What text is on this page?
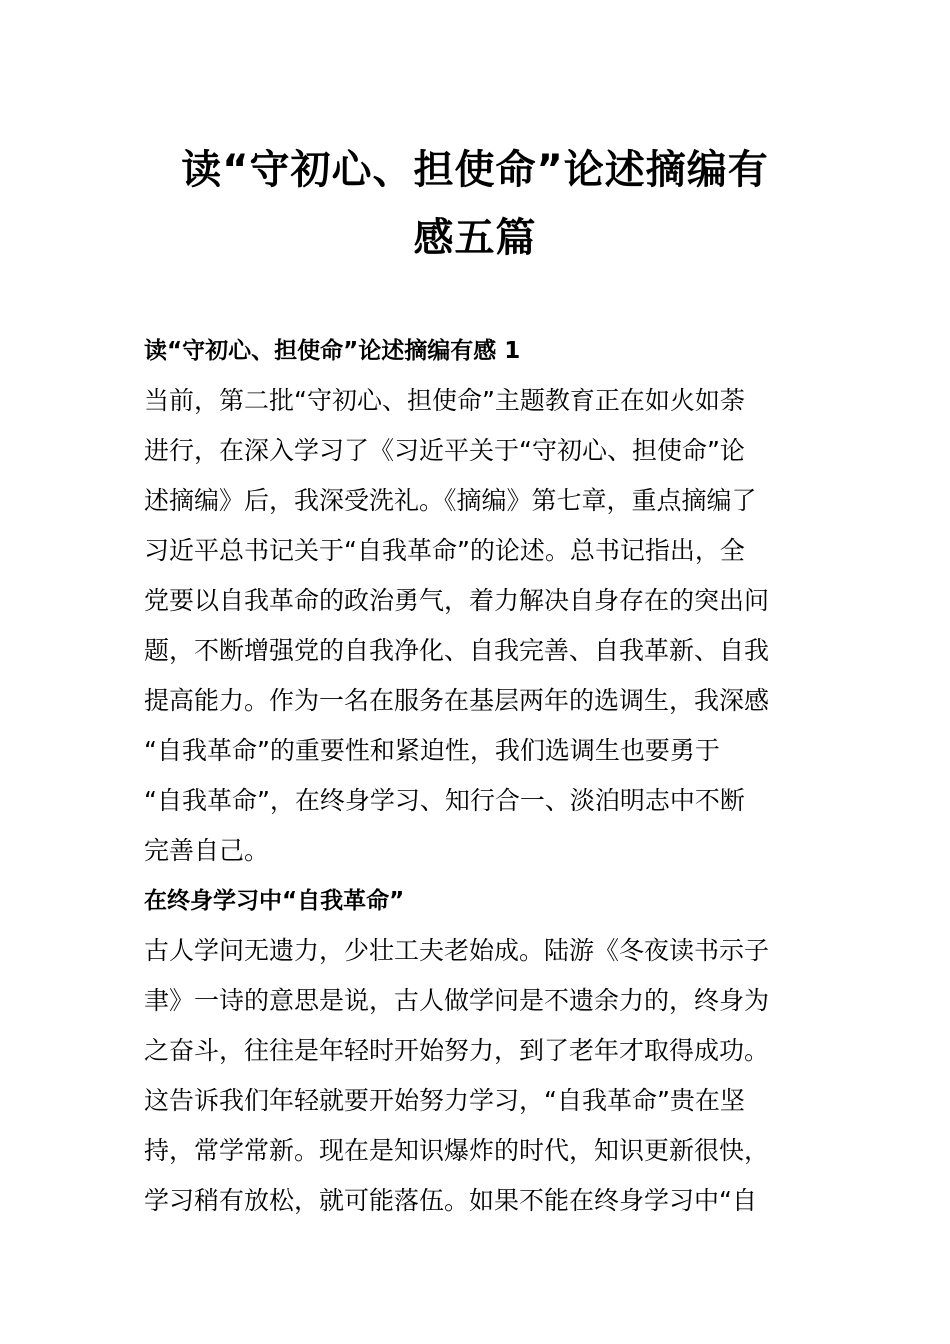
读“守初心、担使命”论述摘编有
感五篇
读“守初心、担使命”论述摘编有感 1
当前，第二批“守初心、担使命”主题教育正在如火如荼
进行，在深入学习了《习近平关于“守初心、担使命”论
述摘编》后，我深受洗礼。《摘编》第七章，重点摘编了
习近平总书记关于“自我革命”的论述。总书记指出，全
党要以自我革命的政治勇气，着力解决自身存在的突出问
题，不断增强党的自我净化、自我完善、自我革新、自我
提高能力。作为一名在服务在基层两年的选调生，我深感
“自我革命”的重要性和紧迫性，我们选调生也要勇于
“自我革命”，在终身学习、知行合一、淡泊明志中不断
完善自己。
在终身学习中“自我革命”
古人学问无遗力，少壮工夫老始成。陆游《冬夜读书示子
聿》一诗的意思是说，古人做学问是不遗余力的，终身为
之奋斗，往往是年轻时开始努力，到了老年才取得成功。
这告诉我们年轻就要开始努力学习，“自我革命”贵在坚
持，常学常新。现在是知识爆炸的时代，知识更新很快，
学习稍有放松，就可能落伍。如果不能在终身学习中“自
